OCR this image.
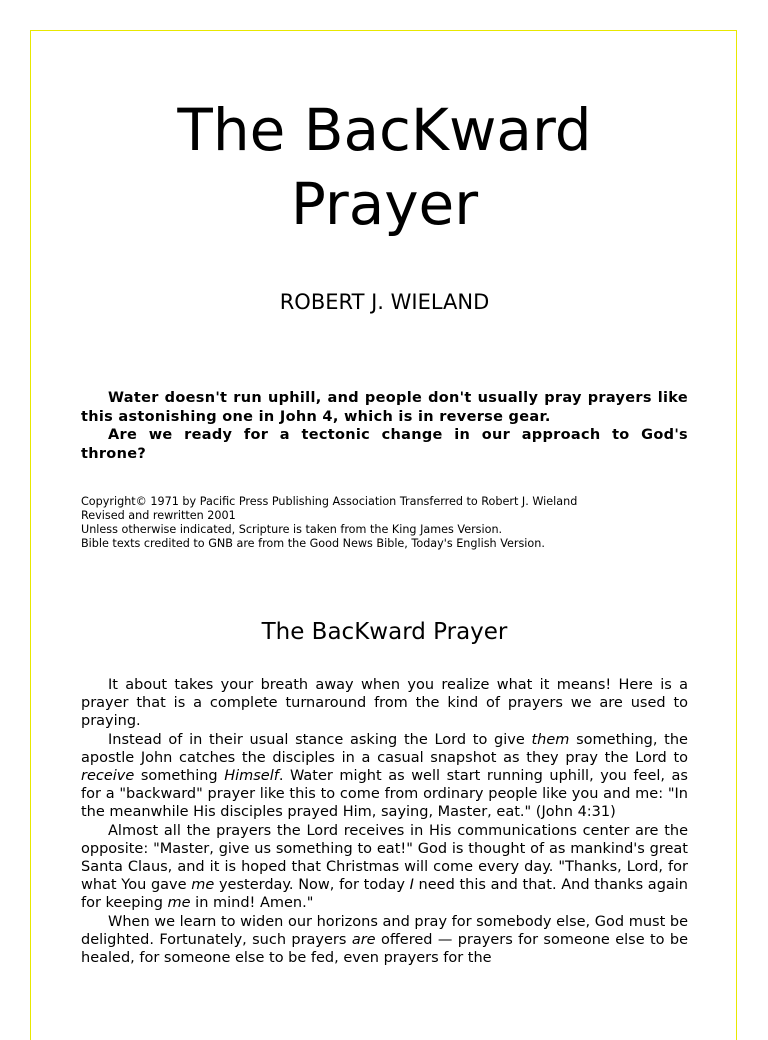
The BacKward
Prayer
ROBERT J. WIELAND

Water doesn't run uphill, and people don't usually pray prayers like this astonishing one in John 4, which is in reverse gear.

Are we ready for a tectonic change in our approach to God's throne?

Copyright© 1971 by Pacific Press Publishing Association Transferred to Robert J. Wieland
Revised and rewritten 2001
Unless otherwise indicated, Scripture is taken from the King James Version.
Bible texts credited to GNB are from the Good News Bible, Today's English Version.
The BacKward Prayer

It about takes your breath away when you realize what it means! Here is a prayer that is a complete turnaround from the kind of prayers we are used to praying.

Instead of in their usual stance asking the Lord to give them something, the apostle John catches the disciples in a casual snapshot as they pray the Lord to receive something Himself. Water might as well start running uphill, you feel, as for a "backward" prayer like this to come from ordinary people like you and me: "In the meanwhile His disciples prayed Him, saying, Master, eat." (John 4:31)

Almost all the prayers the Lord receives in His communications center are the opposite: "Master, give us something to eat!" God is thought of as mankind's great Santa Claus, and it is hoped that Christmas will come every day. "Thanks, Lord, for what You gave me yesterday. Now, for today I need this and that. And thanks again for keeping me in mind! Amen."

When we learn to widen our horizons and pray for somebody else, God must be delighted. Fortunately, such prayers are offered — prayers for someone else to be healed, for someone else to be fed, even prayers for the
